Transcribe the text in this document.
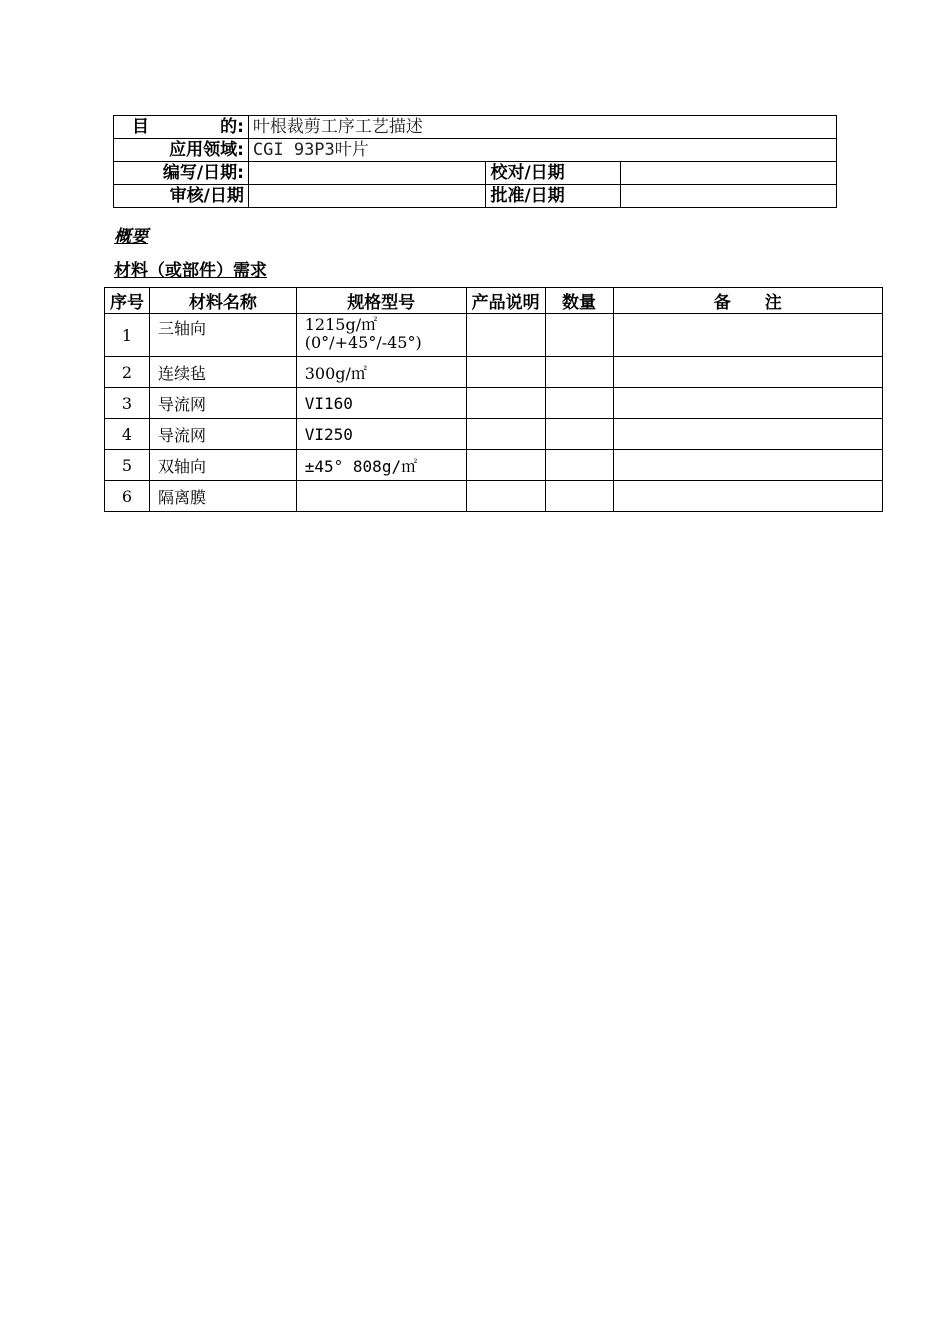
目 的:	叶根裁剪工序工艺描述		
应用领域:	CGI 93P3叶片		
编写/日期:		校对/日期	
审核/日期		批准/日期	
概要
材料（或部件）需求
序号	材料名称	规格型号	产品说明	数量	备　　注
1	三轴向	1215g/㎡(0°/+45°/-45°)			
2	连续毡	300g/㎡			
3	导流网	VI160			
4	导流网	VI250			
5	双轴向	±45° 808g/㎡			
6	隔离膜				
